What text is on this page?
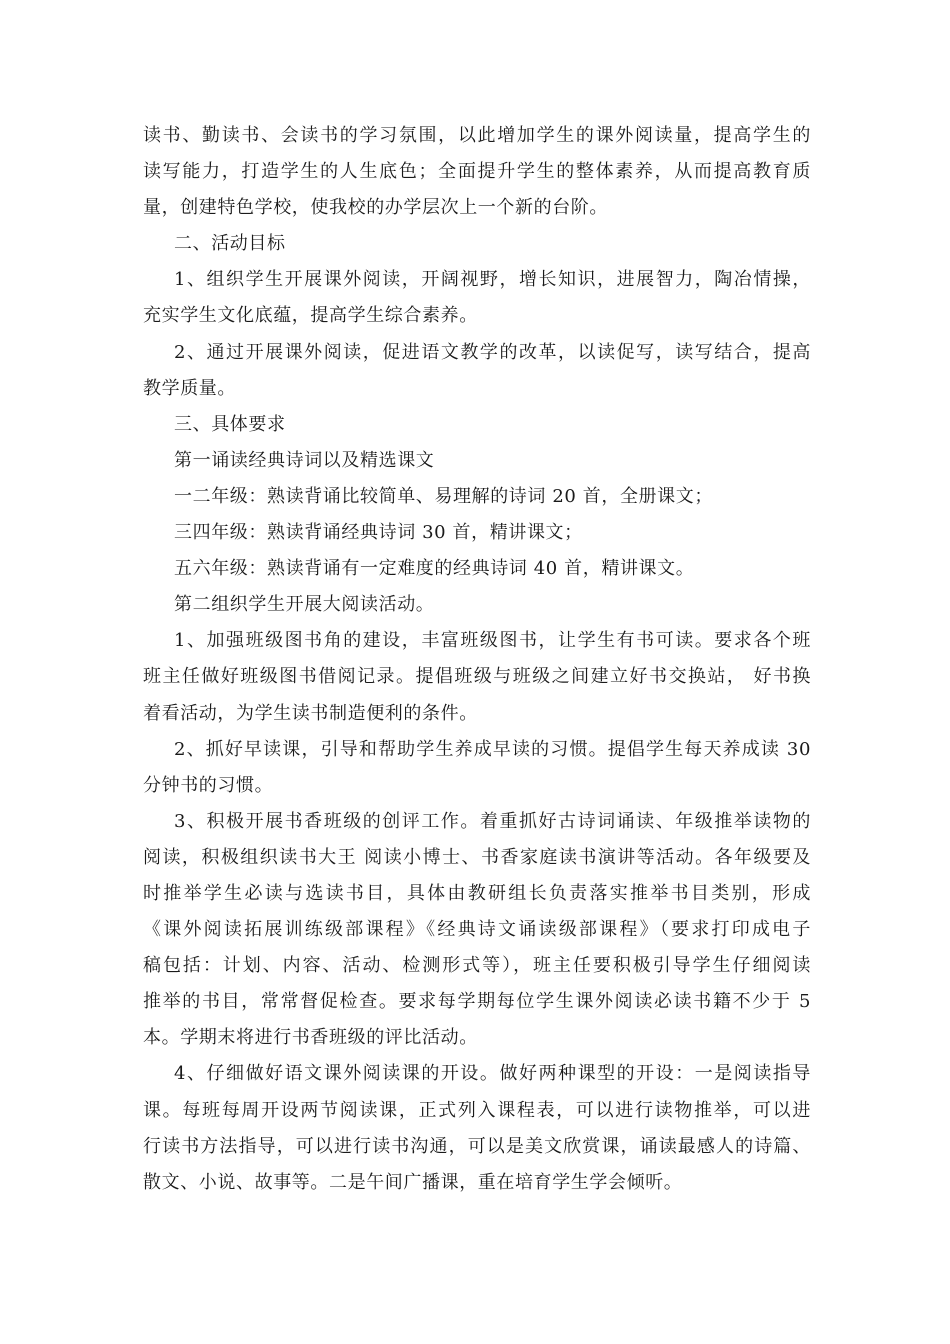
读书、勤读书、会读书的学习氛围，以此增加学生的课外阅读量，提高学生的
读写能力，打造学生的人生底色；全面提升学生的整体素养，从而提高教育质
量，创建特色学校，使我校的办学层次上一个新的台阶。
二、活动目标
1、组织学生开展课外阅读，开阔视野，增长知识，进展智力，陶冶情操，
充实学生文化底蕴，提高学生综合素养。
2、通过开展课外阅读，促进语文教学的改革，以读促写，读写结合，提高
教学质量。
三、具体要求
第一诵读经典诗词以及精选课文
一二年级：熟读背诵比较简单、易理解的诗词 20 首，全册课文；
三四年级：熟读背诵经典诗词 30 首，精讲课文；
五六年级：熟读背诵有一定难度的经典诗词 40 首，精讲课文。
第二组织学生开展大阅读活动。
1、加强班级图书角的建设，丰富班级图书，让学生有书可读。要求各个班
班主任做好班级图书借阅记录。提倡班级与班级之间建立好书交换站， 好书换
着看活动，为学生读书制造便利的条件。
2、抓好早读课，引导和帮助学生养成早读的习惯。提倡学生每天养成读 30
分钟书的习惯。
3、积极开展书香班级的创评工作。着重抓好古诗词诵读、年级推举读物的
阅读，积极组织读书大王 阅读小博士、书香家庭读书演讲等活动。各年级要及
时推举学生必读与选读书目，具体由教研组长负责落实推举书目类别，形成
《课外阅读拓展训练级部课程》《经典诗文诵读级部课程》（要求打印成电子
稿包括：计划、内容、活动、检测形式等），班主任要积极引导学生仔细阅读
推举的书目，常常督促检查。要求每学期每位学生课外阅读必读书籍不少于 5
本。学期末将进行书香班级的评比活动。
4、仔细做好语文课外阅读课的开设。做好两种课型的开设：一是阅读指导
课。每班每周开设两节阅读课，正式列入课程表，可以进行读物推举，可以进
行读书方法指导，可以进行读书沟通，可以是美文欣赏课，诵读最感人的诗篇、
散文、小说、故事等。二是午间广播课，重在培育学生学会倾听。
